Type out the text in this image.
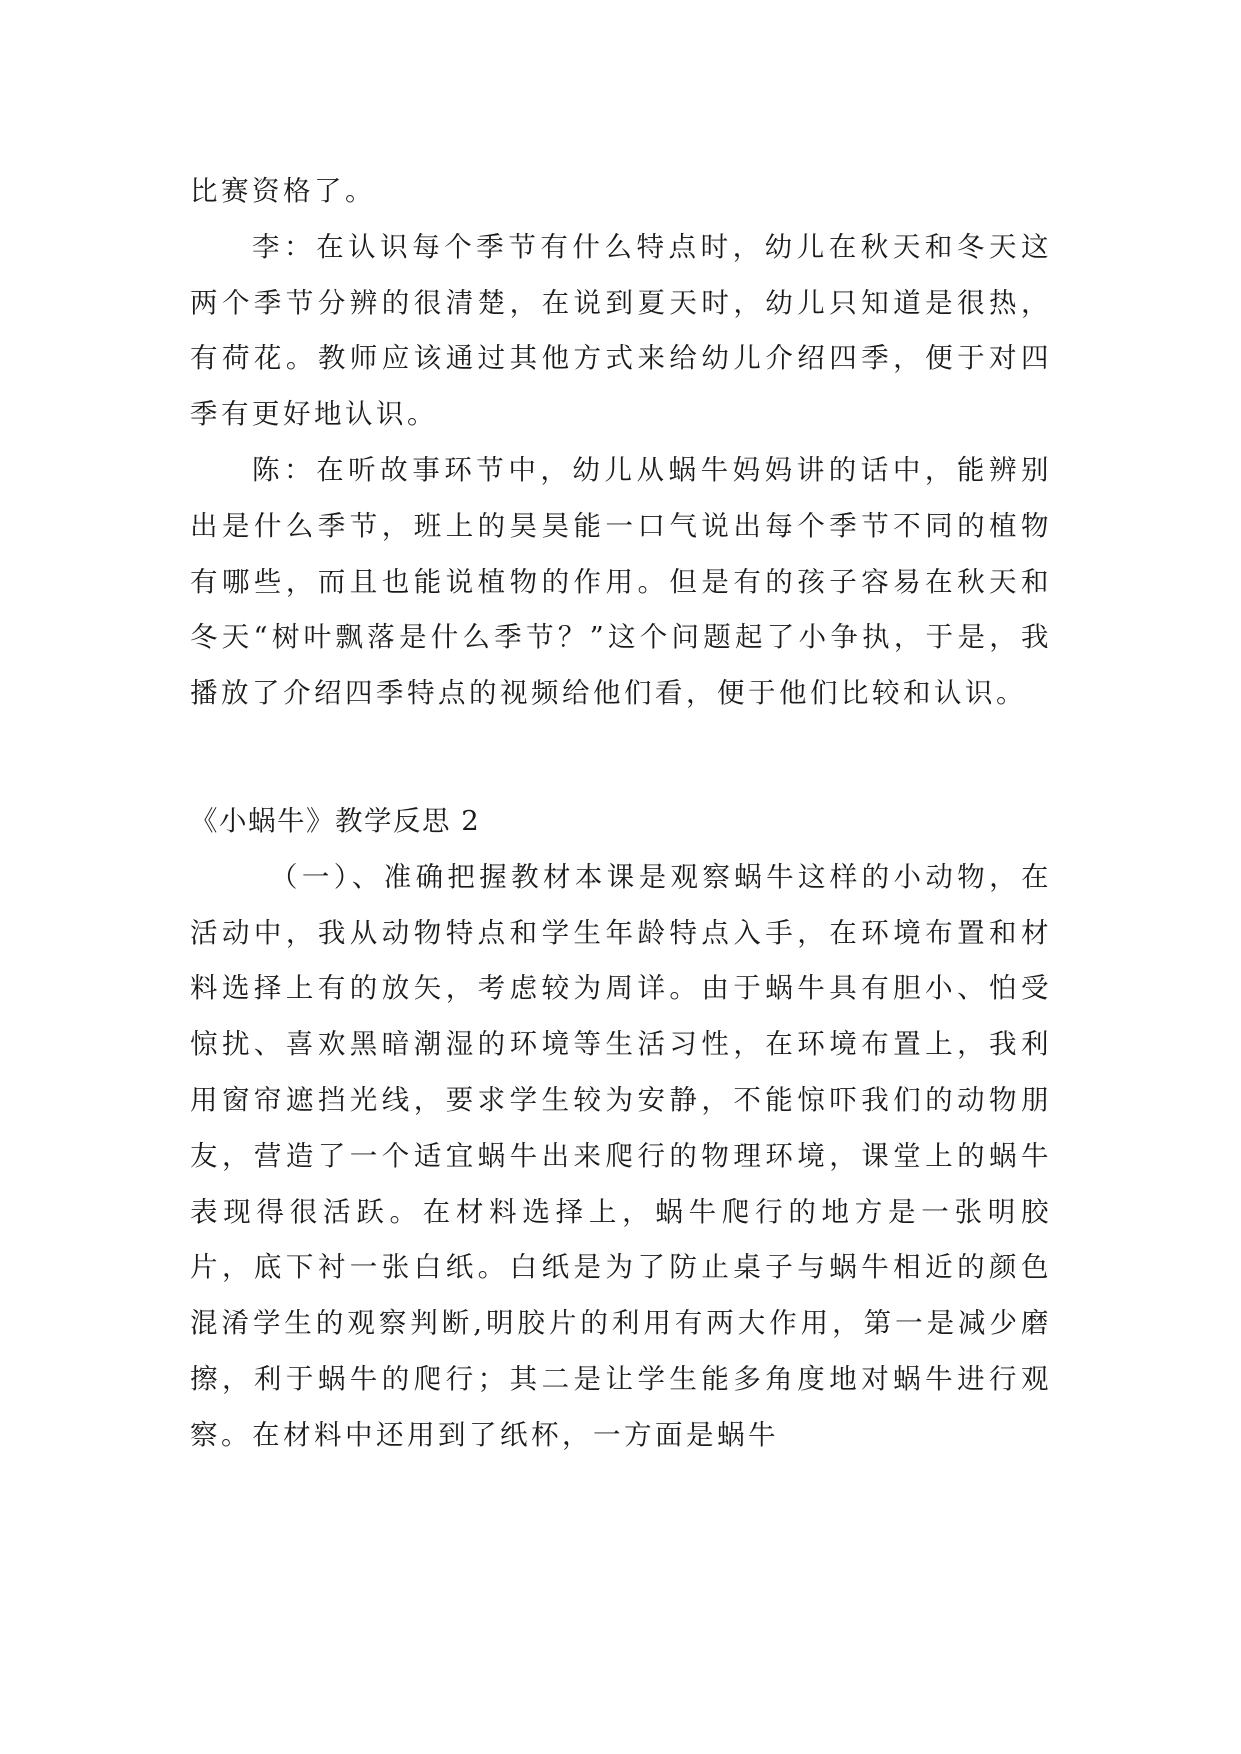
比赛资格了。

李：在认识每个季节有什么特点时，幼儿在秋天和冬天这两个季节分辨的很清楚，在说到夏天时，幼儿只知道是很热，有荷花。教师应该通过其他方式来给幼儿介绍四季，便于对四季有更好地认识。

陈：在听故事环节中，幼儿从蜗牛妈妈讲的话中，能辨别出是什么季节，班上的昊昊能一口气说出每个季节不同的植物有哪些，而且也能说植物的作用。但是有的孩子容易在秋天和冬天“树叶飘落是什么季节？”这个问题起了小争执，于是，我播放了介绍四季特点的视频给他们看，便于他们比较和认识。

《小蜗牛》教学反思 2

（一）、准确把握教材本课是观察蜗牛这样的小动物，在活动中，我从动物特点和学生年龄特点入手，在环境布置和材料选择上有的放矢，考虑较为周详。由于蜗牛具有胆小、怕受惊扰、喜欢黑暗潮湿的环境等生活习性，在环境布置上，我利用窗帘遮挡光线，要求学生较为安静，不能惊吓我们的动物朋友，营造了一个适宜蜗牛出来爬行的物理环境，课堂上的蜗牛表现得很活跃。在材料选择上，蜗牛爬行的地方是一张明胶片，底下衬一张白纸。白纸是为了防止桌子与蜗牛相近的颜色混淆学生的观察判断,明胶片的利用有两大作用，第一是减少磨擦，利于蜗牛的爬行；其二是让学生能多角度地对蜗牛进行观察。在材料中还用到了纸杯，一方面是蜗牛
